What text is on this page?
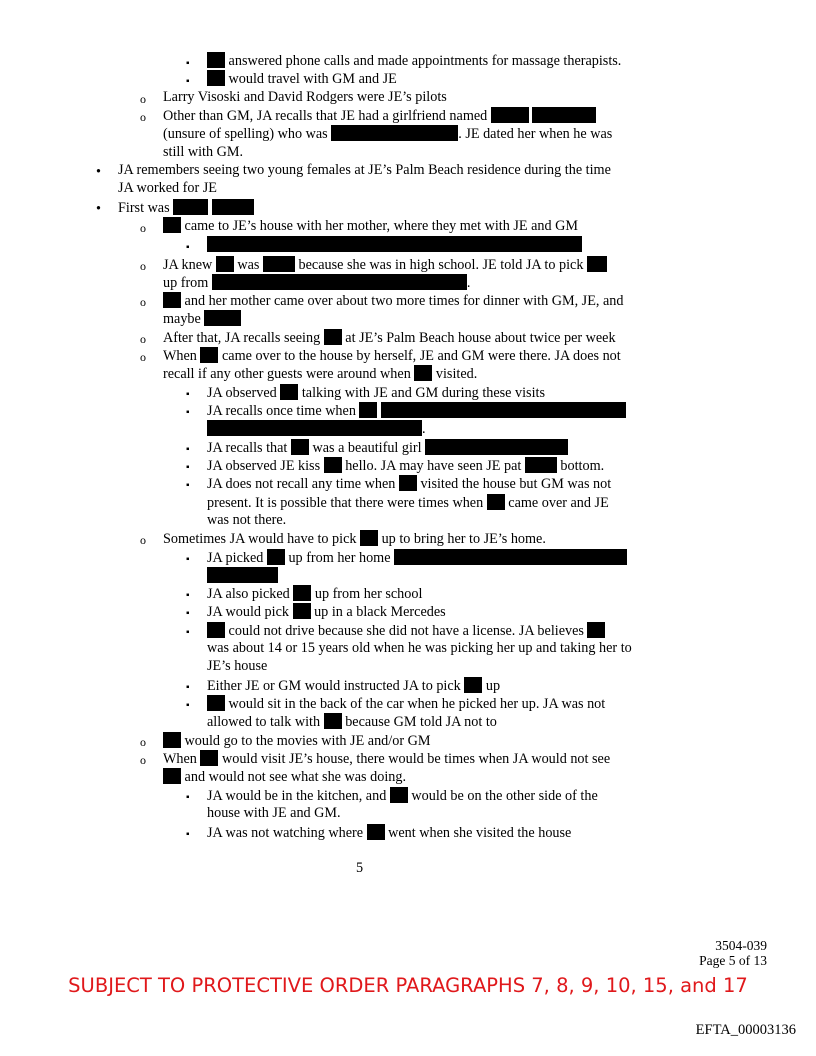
▪
▪
o
o
•
•
o
▪
o
o
o
o
▪
▪
▪
▪
▪
o
▪
▪
▪
▪
▪
▪
o
o
▪
▪
answered phone calls and made appointments for massage therapists.
would travel with GM and JE
Larry Visoski and David Rodgers were JE’s pilots
Other than GM, JA recalls that JE had a girlfriend named
(unsure of spelling) who was	. JE dated her when he was
still with GM.
JA remembers seeing two young females at JE’s Palm Beach residence during the time
JA worked for JE
First was
came to JE’s house with her mother, where they met with JE and GM
JA knew was	because she was in high school. JE told JA to pick
up from	.
and her mother came over about two more times for dinner with GM, JE, and
maybe
After that, JA recalls seeing at JE’s Palm Beach house about twice per week
When came over to the house by herself, JE and GM were there. JA does not
recall if any other guests were around when visited.
JA observed talking with JE and GM during these visits
JA recalls once time when
.
JA recalls that was a beautiful girl
JA observed JE kiss hello. JA may have seen JE pat	bottom.
JA does not recall any time when visited the house but GM was not
present. It is possible that there were times when came over and JE
was not there.
Sometimes JA would have to pick up to bring her to JE’s home.
JA picked up from her home
JA also picked up from her school
JA would pick up in a black Mercedes
could not drive because she did not have a license. JA believes
was about 14 or 15 years old when he was picking her up and taking her to
JE’s house
Either JE or GM would instructed JA to pick up
would sit in the back of the car when he picked her up. JA was not
allowed to talk with because GM told JA not to
would go to the movies with JE and/or GM
When would visit JE’s house, there would be times when JA would not see
and would not see what she was doing.
JA would be in the kitchen, and would be on the other side of the
house with JE and GM.
JA was not watching where went when she visited the house
5
3504-039
Page 5 of 13
SUBJECT TO PROTECTIVE ORDER PARAGRAPHS 7, 8, 9, 10, 15, and 17
EFTA_00003136
